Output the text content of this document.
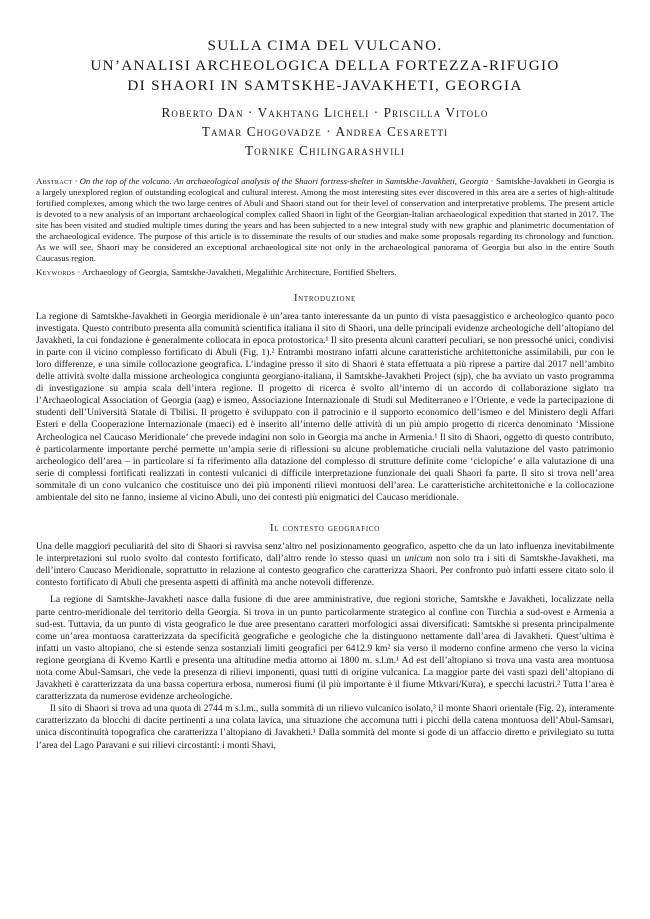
SULLA CIMA DEL VULCANO.
UN’ANALISI ARCHEOLOGICA DELLA FORTEZZA-RIFUGIO
DI SHAORI IN SAMTSKHE-JAVAKHETI, GEORGIA
Roberto Dan · Vakhtang Licheli · Priscilla Vitolo
Tamar Chogovadze · Andrea Cesaretti
Tornike Chilingarashvili

Abstract · On the top of the volcano. An archaeological analysis of the Shaori fortress-shelter in Samtskhe-Javakheti, Georgia · Samtskhe-Javakheti in Georgia is a largely unexplored region of outstanding ecological and cultural interest. Among the most interesting sites ever discovered in this area are a series of high-altitude fortified complexes, among which the two large centres of Abuli and Shaori stand out for their level of conservation and interpretative problems. The present article is devoted to a new analysis of an important archaeological complex called Shaori in light of the Georgian-Italian archaeological expedition that started in 2017. The site has been visited and studied multiple times during the years and has been subjected to a new integral study with new graphic and planimetric documentation of the archaeological evidence. The purpose of this article is to disseminate the results of our studies and make some proposals regarding its chronology and function. As we will see, Shaori may be considered an exceptional archaeological site not only in the archaeological panorama of Georgia but also in the entire South Caucasus region.

Keywords · Archaeology of Georgia, Samtskhe-Javakheti, Megalithic Architecture, Fortified Shelters.

Introduzione

La regione di Samtskhe-Javakheti in Georgia meridionale è un’area tanto interessante da un punto di vista paesaggistico e archeologico quanto poco investigata. Questo contributo presenta alla comunità scientifica italiana il sito di Shaori, una delle principali evidenze archeologiche dell’altopiano del Javakheti, la cui fondazione è generalmente collocata in epoca protostorica.¹ Il sito presenta alcuni caratteri peculiari, se non pressoché unici, condivisi in parte con il vicino complesso fortificato di Abuli (Fig. 1).² Entrambi mostrano infatti alcune caratteristiche architettoniche assimilabili, pur con le loro differenze, e una simile collocazione geografica. L’indagine presso il sito di Shaori è stata effettuata a più riprese a partire dal 2017 nell’ambito delle attività svolte dalla missione archeologica congiunta georgiano-italiana, il Samtskhe-Javakheti Project (sjp), che ha avviato un vasto programma di investigazione su ampia scala dell’intera regione. Il progetto di ricerca è svolto all’interno di un accordo di collaborazione siglato tra l’Archaeological Association of Georgia (aag) e ismeo, Associazione Internazionale di Studi sul Mediterraneo e l’Oriente, e vede la partecipazione di studenti dell’Università Statale di Tbilisi. Il progetto è sviluppato con il patrocinio e il supporto economico dell’ismeo e del Ministero degli Affari Esteri e della Cooperazione Internazionale (maeci) ed è inserito all’interno delle attività di un più ampio progetto di ricerca denominato ‘Missione Archeologica nel Caucaso Meridionale’ che prevede indagini non solo in Georgia ma anche in Armenia.¹ Il sito di Shaori, oggetto di questo contributo, è particolarmente importante perché permette un’ampia serie di riflessioni su alcune problematiche cruciali nella valutazione del vasto patrimonio archeologico dell’area – in particolare si fa riferimento alla datazione del complesso di strutture definite come ‘ciclopiche’ e alla valutazione di una serie di complessi fortificati realizzati in contesti vulcanici di difficile interpretazione funzionale dei quali Shaori fa parte. Il sito si trova nell’area sommitale di un cono vulcanico che costituisce uno dei più imponenti rilievi montuosi dell’area. Le caratteristiche architettoniche e la collocazione ambientale del sito ne fanno, insieme al vicino Abuli, uno dei contesti più enigmatici del Caucaso meridionale.

Il contesto geografico

Una delle maggiori peculiarità del sito di Shaori si ravvisa senz’altro nel posizionamento geografico, aspetto che da un lato influenza inevitabilmente le interpretazioni sul ruolo svolto dal contesto fortificato, dall’altro rende lo stesso quasi un unicum non solo tra i siti di Samtskhe-Javakheti, ma dell’intero Caucaso Meridionale, soprattutto in relazione al contesto geografico che caratterizza Shaori. Per confronto può infatti essere citato solo il contesto fortificato di Abuli che presenta aspetti di affinità ma anche notevoli differenze.

La regione di Samtskhe-Javakheti nasce dalla fusione di due aree amministrative, due regioni storiche, Samtskhe e Javakheti, localizzate nella parte centro-meridionale del territorio della Georgia. Si trova in un punto particolarmente strategico al confine con Turchia a sud-ovest e Armenia a sud-est. Tuttavia, da un punto di vista geografico le due aree presentano caratteri morfologici assai diversificati: Samtskhe si presenta principalmente come un’area montuosa caratterizzata da specificità geografiche e geologiche che la distinguono nettamente dall’area di Javakheti. Quest’ultima è infatti un vasto altopiano, che si estende senza sostanziali limiti geografici per 6412.9 km² sia verso il moderno confine armeno che verso la vicina regione georgiana di Kvemo Kartli e presenta una altitudine media attorno ai 1800 m. s.l.m.¹ Ad est dell’altopiano si trova una vasta area montuosa nota come Abul-Samsari, che vede la presenza di rilievi imponenti, quasi tutti di origine vulcanica. La maggior parte dei vasti spazi dell’altopiano di Javakheti è caratterizzata da una bassa copertura erbosa, numerosi fiumi (il più importante è il fiume Mtkvari/Kura), e specchi lacustri.² Tutta l’area è caratterizzata da numerose evidenze archeologiche.

Il sito di Shaori si trova ad una quota di 2744 m s.l.m., sulla sommità di un rilievo vulcanico isolato,³ il monte Shaori orientale (Fig. 2), interamente caratterizzato da blocchi di dacite pertinenti a una colata lavica, una situazione che accomuna tutti i picchi della catena montuosa dell’Abul-Samsari, unica discontinuità topografica che caratterizza l’altopiano di Javakheti.¹ Dalla sommità del monte si gode di un affaccio diretto e privilegiato su tutta l’area del Lago Paravani e sui rilievi circostanti: i monti Shavi,
